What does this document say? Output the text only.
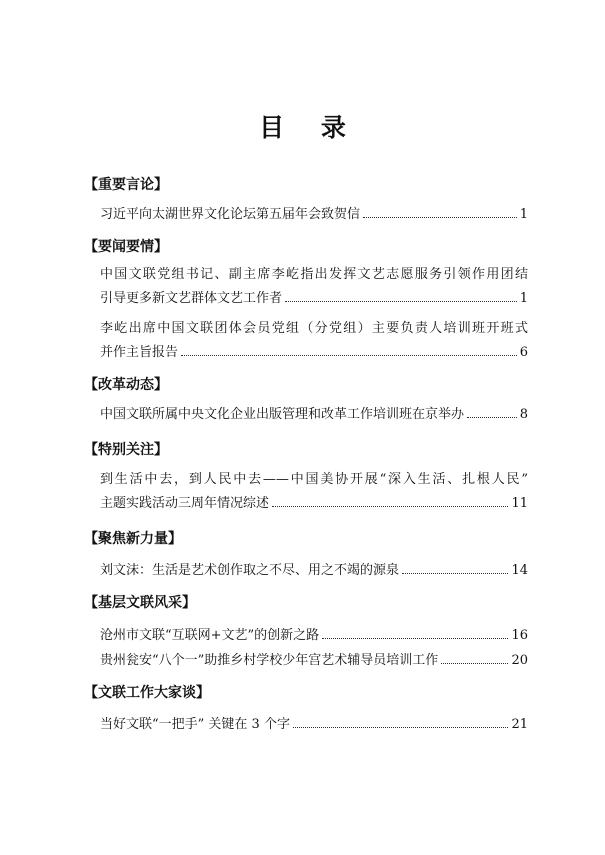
目 录
【重要言论】
习近平向太湖世界文化论坛第五届年会致贺信	1
【要闻要情】
中国文联党组书记、副主席李屹指出发挥文艺志愿服务引领作用团结
引导更多新文艺群体文艺工作者	1
李屹出席中国文联团体会员党组（分党组）主要负责人培训班开班式
并作主旨报告	6
【改革动态】
中国文联所属中央文化企业出版管理和改革工作培训班在京举办	8
【特别关注】
到生活中去，到人民中去——中国美协开展“深入生活、扎根人民”
主题实践活动三周年情况综述	11
【聚焦新力量】
刘文沫：生活是艺术创作取之不尽、用之不竭的源泉	14
【基层文联风采】
沧州市文联“互联网+文艺”的创新之路	16
贵州瓮安“八个一”助推乡村学校少年宫艺术辅导员培训工作	20
【文联工作大家谈】
当好文联“一把手” 关键在 3 个字	21
